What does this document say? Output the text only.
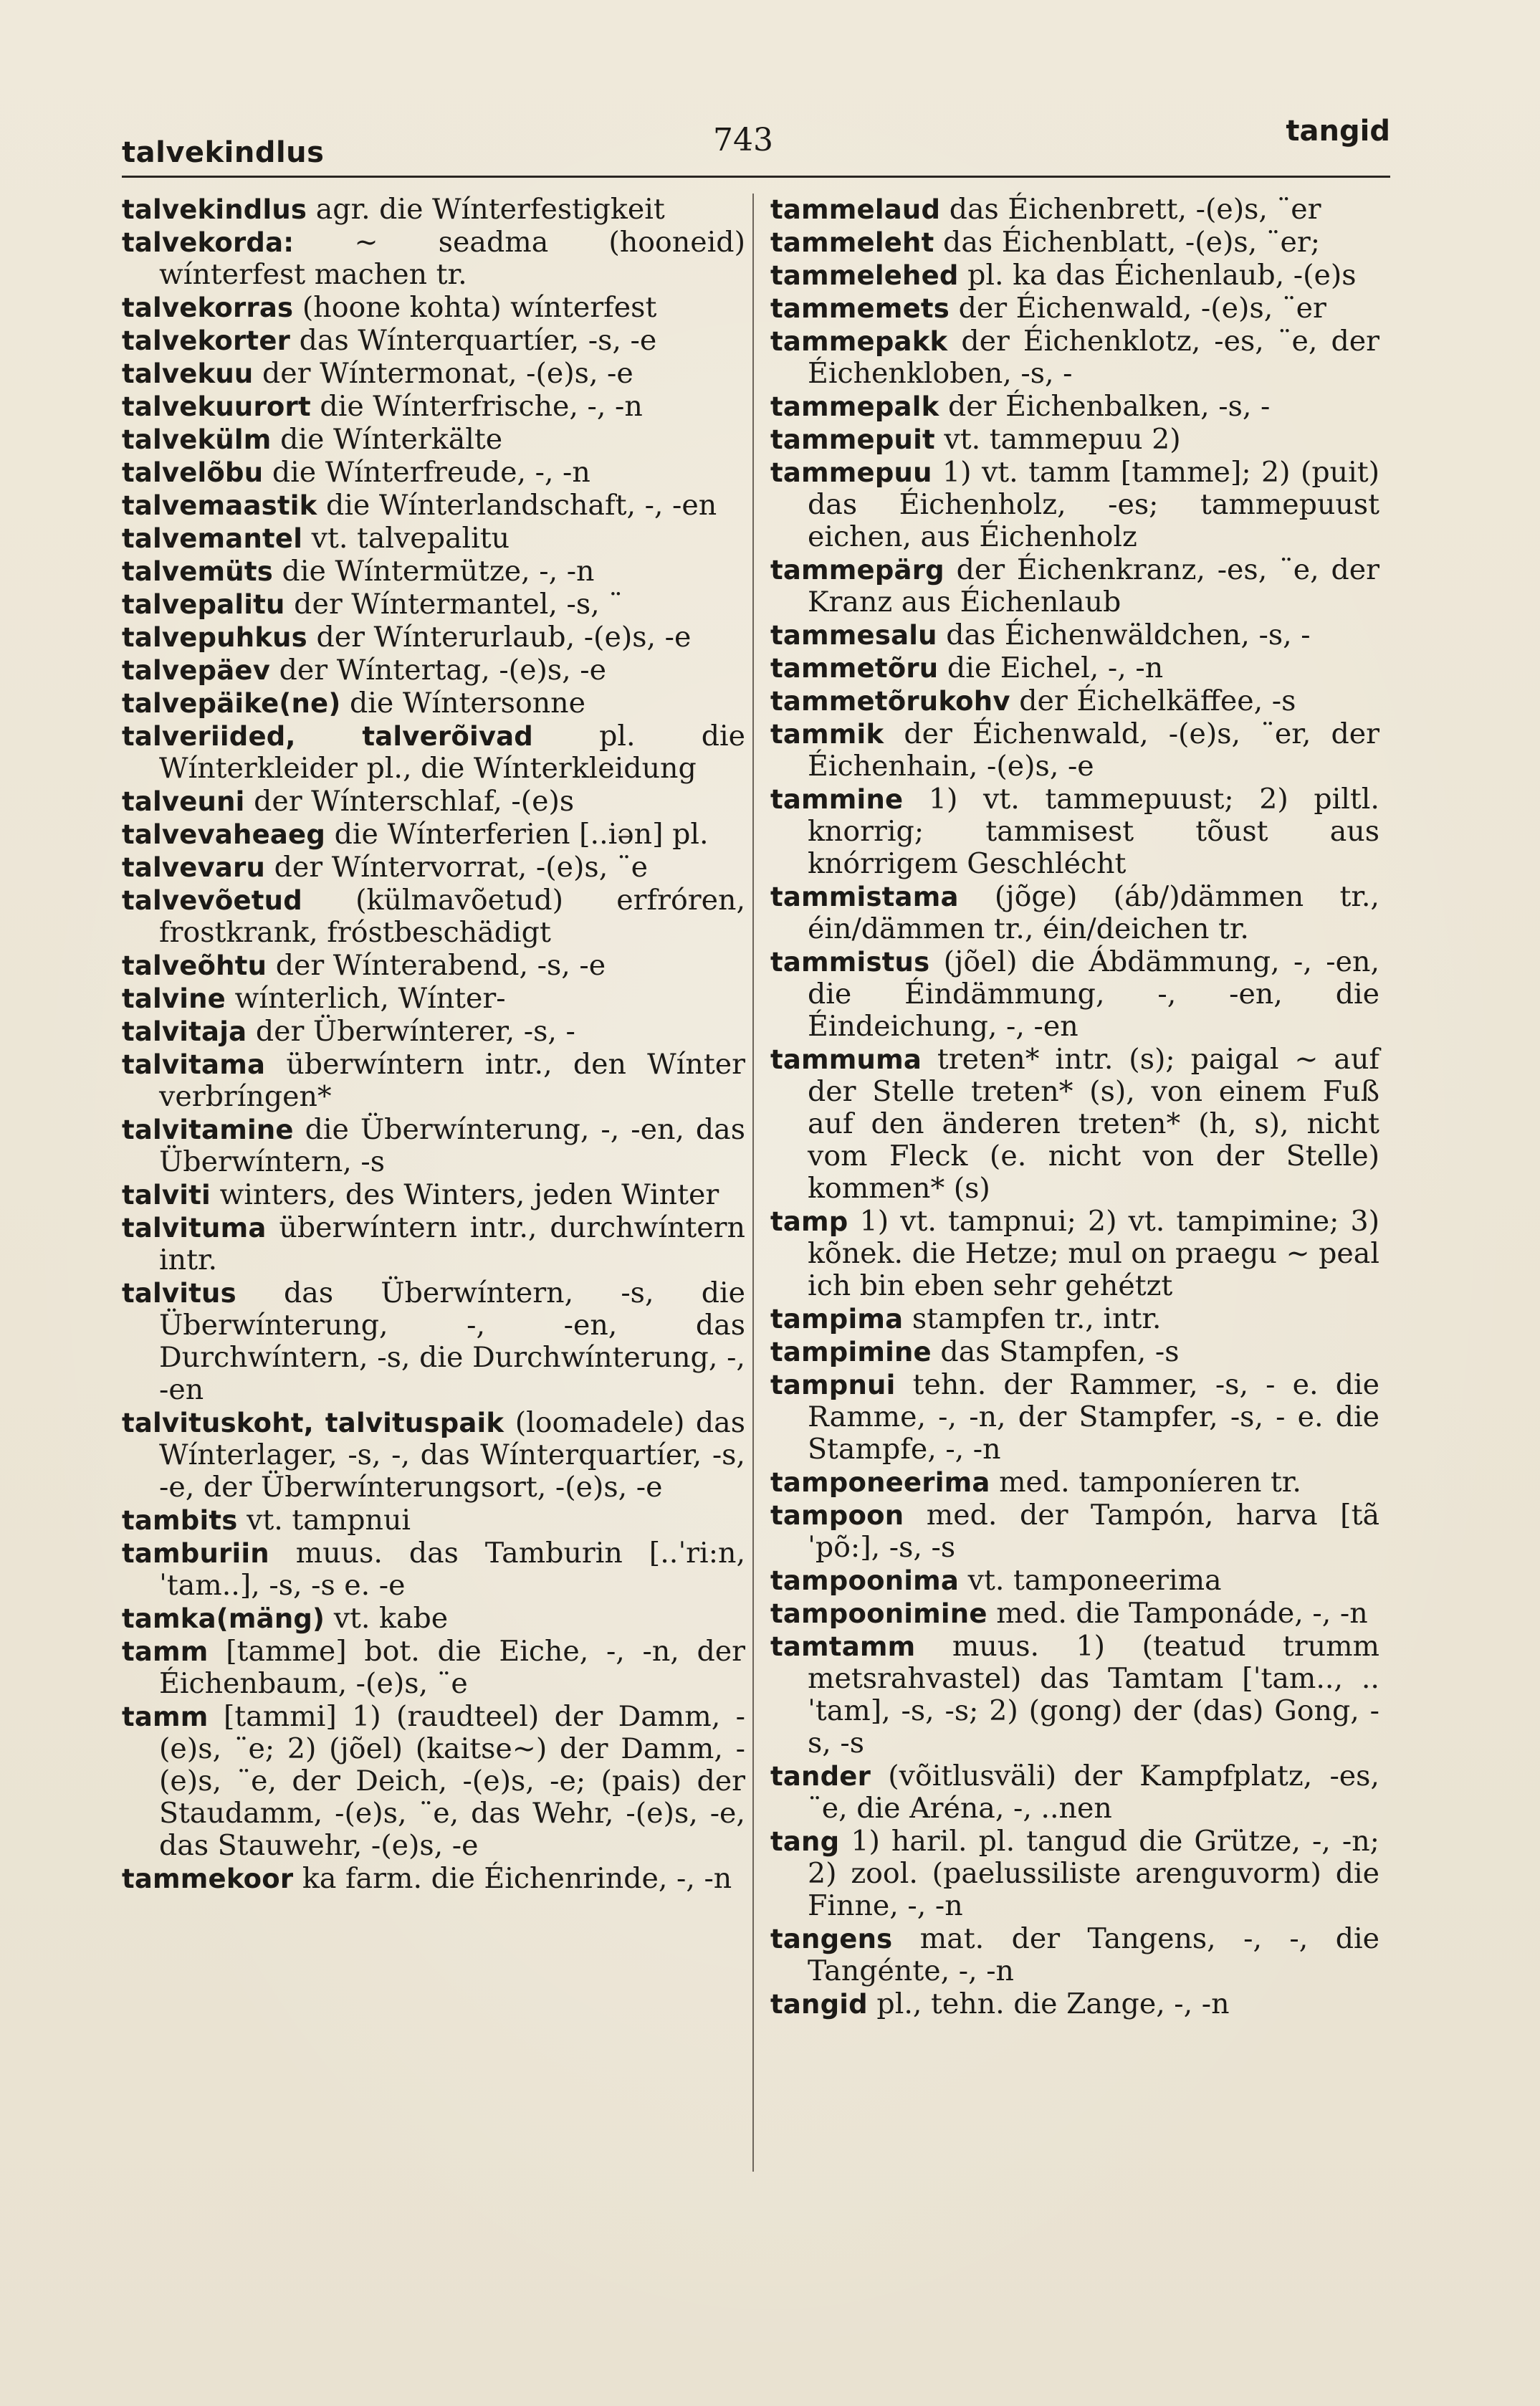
talvekindlus	743	tangid
talvekindlus agr. die Wínterfestigkeit
talvekorda: ~ seadma (hooneid) wínterfest machen tr.
talvekorras (hoone kohta) wínterfest
talvekorter das Wínterquartíer, -s, -e
talvekuu der Wíntermonat, -(e)s, -e
talvekuurort die Wínterfrische, -, -n
talvekülm die Wínterkälte
talvelõbu die Wínterfreude, -, -n
talvemaastik die Wínterlandschaft, -, -en
talvemantel vt. talvepalitu
talvemüts die Wíntermütze, -, -n
talvepalitu der Wíntermantel, -s, ¨
talvepuhkus der Wínterurlaub, -(e)s, -e
talvepäev der Wíntertag, -(e)s, -e
talvepäike(ne) die Wíntersonne
talveriided, talverõivad pl. die Wínterkleider pl., die Wínterkleidung
talveuni der Wínterschlaf, -(e)s
talvevaheaeg die Wínterferien [..iən] pl.
talvevaru der Wíntervorrat, -(e)s, ¨e
talvevõetud (külmavõetud) erfróren, frostkrank, fróstbeschädigt
talveõhtu der Wínterabend, -s, -e
talvine wínterlich, Wínter-
talvitaja der Überwínterer, -s, -
talvitama überwíntern intr., den Wínter verbríngen*
talvitamine die Überwínterung, -, -en, das Überwíntern, -s
talviti winters, des Winters, jeden Winter
talvituma überwíntern intr., durchwíntern intr.
talvitus das Überwíntern, -s, die Überwínterung, -, -en, das Durchwíntern, -s, die Durchwínterung, -, -en
talvituskoht, talvituspaik (loomadele) das Wínterlager, -s, -, das Wínterquartíer, -s, -e, der Überwínterungsort, -(e)s, -e
tambits vt. tampnui
tamburiin muus. das Tamburin [..ˈri:n, ˈtam..], -s, -s e. -e
tamka(mäng) vt. kabe
tamm [tamme] bot. die Eiche, -, -n, der Éichenbaum, -(e)s, ¨e
tamm [tammi] 1) (raudteel) der Damm, -(e)s, ¨e; 2) (jõel) (kaitse~) der Damm, -(e)s, ¨e, der Deich, -(e)s, -e; (pais) der Staudamm, -(e)s, ¨e, das Wehr, -(e)s, -e, das Stauwehr, -(e)s, -e
tammekoor ka farm. die Éichenrinde, -, -n
tammelaud das Éichenbrett, -(e)s, ¨er
tammeleht das Éichenblatt, -(e)s, ¨er;
tammelehed pl. ka das Éichenlaub, -(e)s
tammemets der Éichenwald, -(e)s, ¨er
tammepakk der Éichenklotz, -es, ¨e, der Éichenkloben, -s, -
tammepalk der Éichenbalken, -s, -
tammepuit vt. tammepuu 2)
tammepuu 1) vt. tamm [tamme]; 2) (puit) das Éichenholz, -es; tammepuust eichen, aus Éichenholz
tammepärg der Éichenkranz, -es, ¨e, der Kranz aus Éichenlaub
tammesalu das Éichenwäldchen, -s, -
tammetõru die Eichel, -, -n
tammetõrukohv der Éichelkäffee, -s
tammik der Éichenwald, -(e)s, ¨er, der Éichenhain, -(e)s, -e
tammine 1) vt. tammepuust; 2) piltl. knorrig; tammisest tõust aus knórrigem Geschlécht
tammistama (jõge) (áb/)dämmen tr., éin/dämmen tr., éin/deichen tr.
tammistus (jõel) die Ábdämmung, -, -en, die Éindämmung, -, -en, die Éindeichung, -, -en
tammuma treten* intr. (s); paigal ~ auf der Stelle treten* (s), von einem Fuß auf den änderen treten* (h, s), nicht vom Fleck (e. nicht von der Stelle) kommen* (s)
tamp 1) vt. tampnui; 2) vt. tampimine; 3) kõnek. die Hetze; mul on praegu ~ peal ich bin eben sehr gehétzt
tampima stampfen tr., intr.
tampimine das Stampfen, -s
tampnui tehn. der Rammer, -s, - e. die Ramme, -, -n, der Stampfer, -s, - e. die Stampfe, -, -n
tamponeerima med. tamponíeren tr.
tampoon med. der Tampón, harva [tãˈpõ:], -s, -s
tampoonima vt. tamponeerima
tampoonimine med. die Tamponáde, -, -n
tamtamm muus. 1) (teatud trumm metsrahvastel) das Tamtam [ˈtam.., ..ˈtam], -s, -s; 2) (gong) der (das) Gong, -s, -s
tander (võitlusväli) der Kampfplatz, -es, ¨e, die Aréna, -, ..nen
tang 1) haril. pl. tangud die Grütze, -, -n; 2) zool. (paelussiliste arenguvorm) die Finne, -, -n
tangens mat. der Tangens, -, -, die Tangénte, -, -n
tangid pl., tehn. die Zange, -, -n
